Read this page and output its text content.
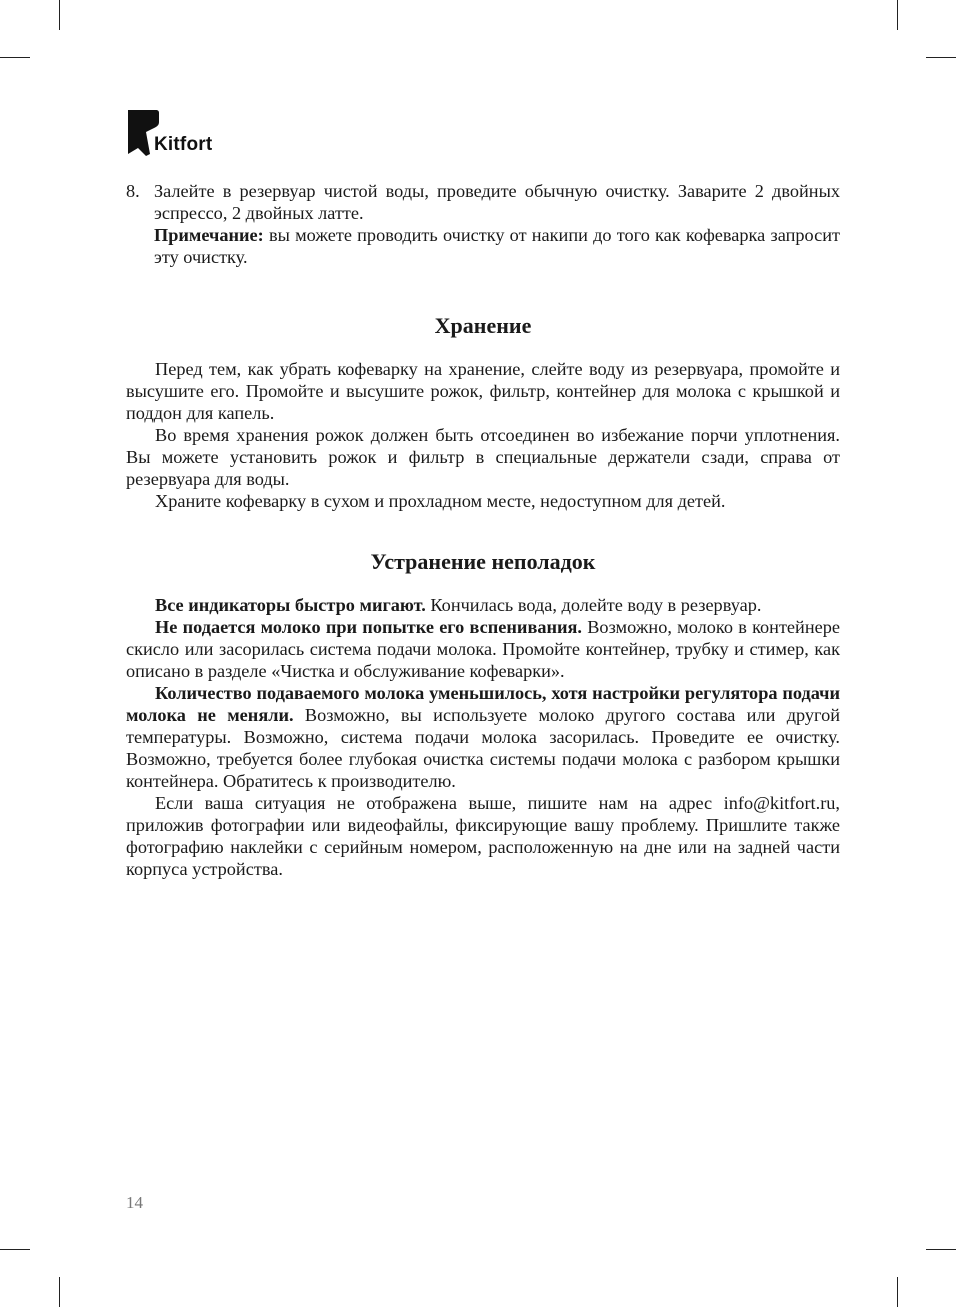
Kitfort
8. Залейте в резервуар чистой воды, проведите обычную очистку. Заварите 2 двойных эспрессо, 2 двойных латте.

Примечание: вы можете проводить очистку от накипи до того как кофеварка запросит эту очистку.

Хранение

Перед тем, как убрать кофеварку на хранение, слейте воду из резервуара, промойте и высушите его. Промойте и высушите рожок, фильтр, контейнер для молока с крышкой и поддон для капель.

Во время хранения рожок должен быть отсоединен во избежание порчи уплотнения. Вы можете установить рожок и фильтр в специальные держатели сзади, справа от резервуара для воды.

Храните кофеварку в сухом и прохладном месте, недоступном для детей.

Устранение неполадок

Все индикаторы быстро мигают. Кончилась вода, долейте воду в резервуар.

Не подается молоко при попытке его вспенивания. Возможно, молоко в контейнере скисло или засорилась система подачи молока. Промойте контейнер, трубку и стимер, как описано в разделе «Чистка и обслуживание кофеварки».

Количество подаваемого молока уменьшилось, хотя настройки регулятора подачи молока не меняли. Возможно, вы используете молоко другого состава или другой температуры. Возможно, система подачи молока засорилась. Проведите ее очистку. Возможно, требуется более глубокая очистка системы подачи молока с разбором крышки контейнера. Обратитесь к производителю.

Если ваша ситуация не отображена выше, пишите нам на адрес info@kitfort.ru, приложив фотографии или видеофайлы, фиксирующие вашу проблему. Пришлите также фотографию наклейки с серийным номером, расположенную на дне или на задней части корпуса устройства.

14
